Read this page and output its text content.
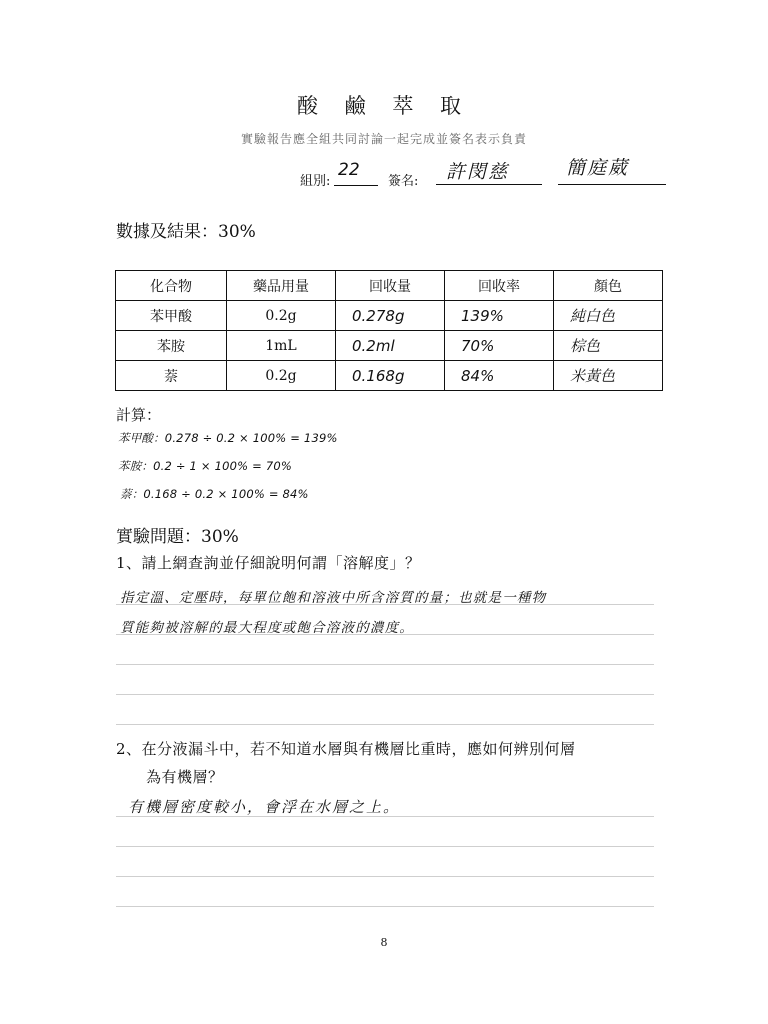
酸 鹼 萃 取
實驗報告應全組共同討論一起完成並簽名表示負責
組別:
22
簽名: 許閔慈	簡庭葳
數據及結果：30%
化合物	藥品用量	回收量	回收率	顏色
苯甲酸	0.2g	0.278g	139%	純白色
苯胺	1mL	0.2ml	70%	棕色
萘	0.2g	0.168g	84%	米黃色
計算：
苯甲酸：0.278 ÷ 0.2 × 100% = 139%
苯胺：0.2 ÷ 1 × 100% = 70%
萘：0.168 ÷ 0.2 × 100% = 84%
實驗問題：30%
1、請上網查詢並仔細說明何謂「溶解度」？
指定溫、定壓時，每單位飽和溶液中所含溶質的量；也就是一種物
質能夠被溶解的最大程度或飽合溶液的濃度。
2、在分液漏斗中，若不知道水層與有機層比重時，應如何辨別何層
為有機層？
有機層密度較小，會浮在水層之上。
8
